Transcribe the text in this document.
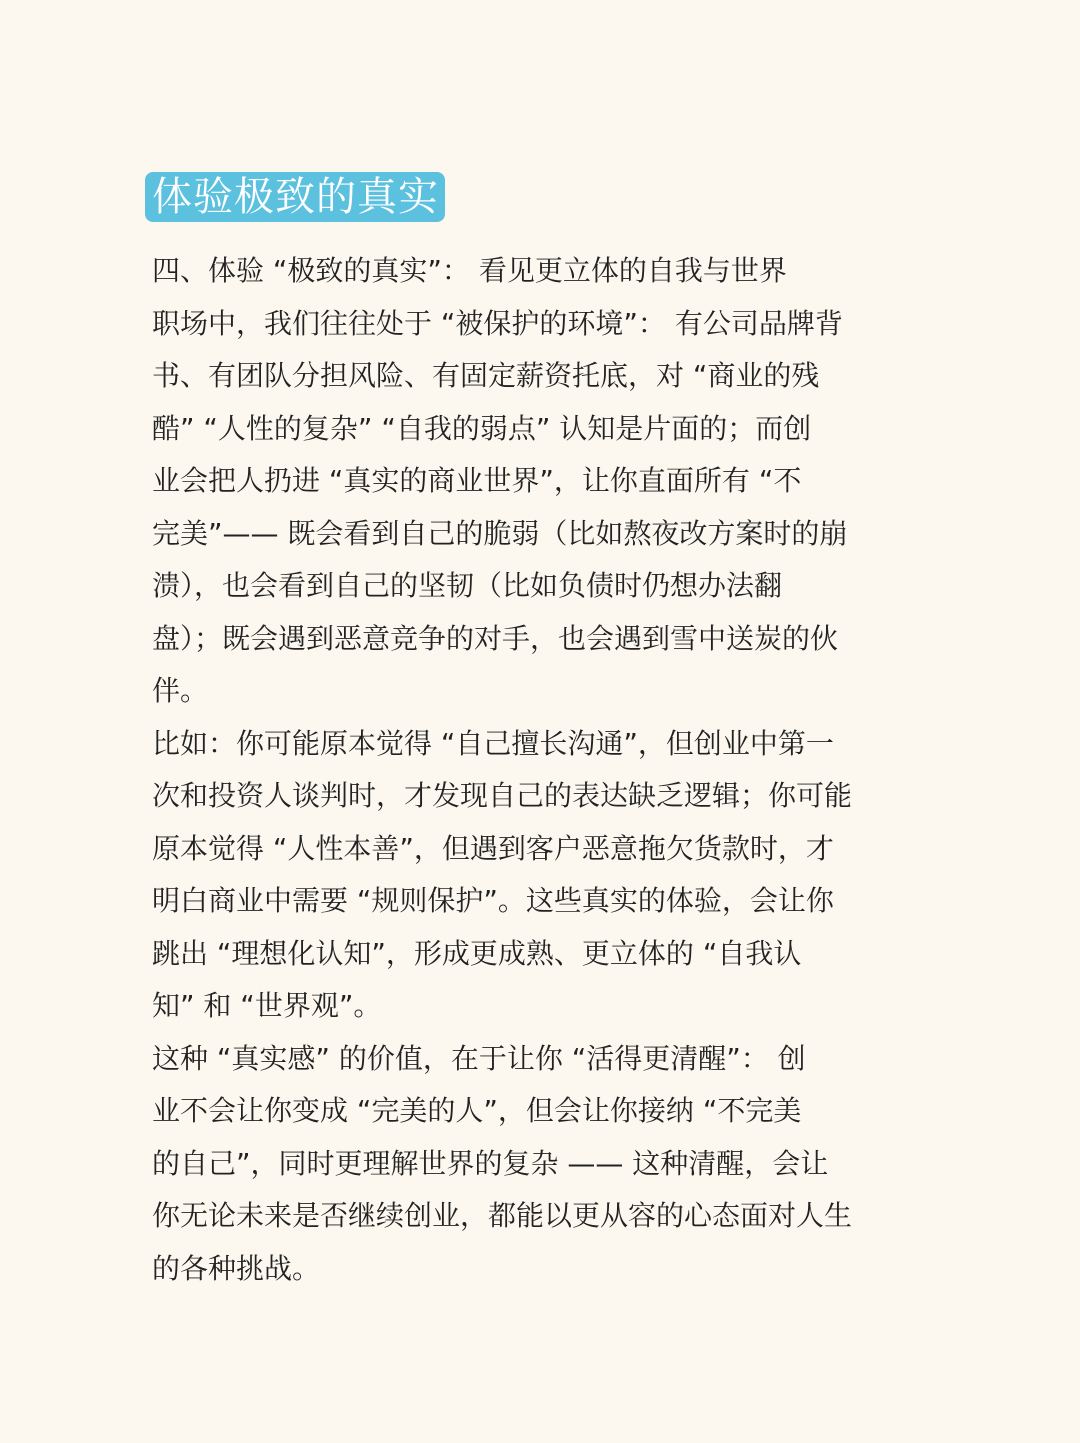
体验极致的真实
四、体验 “极致的真实”： 看见更立体的自我与世界
职场中，我们往往处于 “被保护的环境”： 有公司品牌背
书、有团队分担风险、有固定薪资托底，对 “商业的残
酷” “人性的复杂” “自我的弱点” 认知是片面的；而创
业会把人扔进 “真实的商业世界”，让你直面所有 “不
完美”—— 既会看到自己的脆弱（比如熬夜改方案时的崩
溃），也会看到自己的坚韧（比如负债时仍想办法翻
盘）；既会遇到恶意竞争的对手，也会遇到雪中送炭的伙
伴。
比如：你可能原本觉得 “自己擅长沟通”，但创业中第一
次和投资人谈判时，才发现自己的表达缺乏逻辑；你可能
原本觉得 “人性本善”，但遇到客户恶意拖欠货款时，才
明白商业中需要 “规则保护”。这些真实的体验，会让你
跳出 “理想化认知”，形成更成熟、更立体的 “自我认
知” 和 “世界观”。
这种 “真实感” 的价值，在于让你 “活得更清醒”： 创
业不会让你变成 “完美的人”，但会让你接纳 “不完美
的自己”，同时更理解世界的复杂 —— 这种清醒，会让
你无论未来是否继续创业，都能以更从容的心态面对人生
的各种挑战。
